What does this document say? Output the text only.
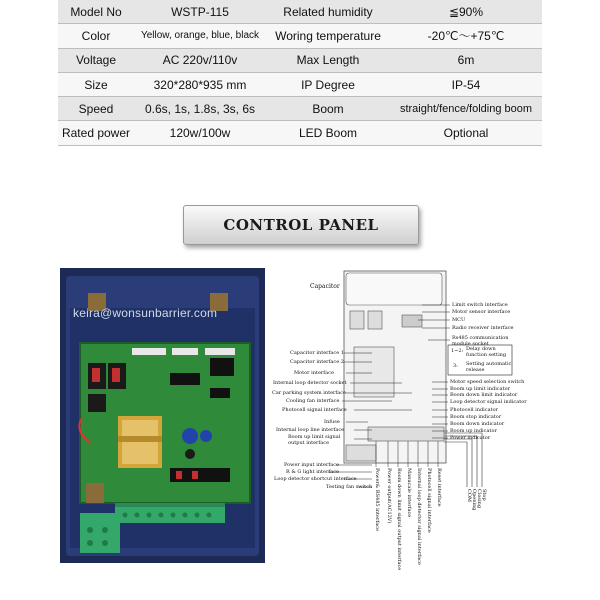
Model No	WSTP-115	Related humidity	≦90%
Color	Yellow, orange, blue, black	Woring temperature	-20℃～+75℃
Voltage	AC 220v/110v	Max Length	6m
Size	320*280*935 mm	IP Degree	IP-54
Speed	0.6s, 1s, 1.8s, 3s, 6s	Boom	straight/fence/folding boom
Rated power	120w/100w	LED Boom	Optional
CONTROL PANEL
keira@wonsunbarrier.com
Capacitor
Limit switch interface
Motor sensor interface
MCU
Radio receiver interface
Rs485 communication
module socket
Motor speed selection switch
Boom up limit indicator
Boom down limit indicator
Loop detector signal indicator
Photocell indicator
Boom stop indicator
Boom down indicator
Boom up indicator
Power indicator
1~2: Delay down
function setting
3: Setting automatic
release
Capacitor interface 1
Capacitor interface 2
Motor interface
Internal loop detector socket
Car parking system interface
Cooling fan interface
Photocell signal interface
Infuse
Internal loop line interface
Boom up limit signal
output interface
Power input interface
R & G light interface
Loop detector shortcut interface
Testing fan switch Power& RS485 interface Power output(AC12V) Boom down limit signal output interface Manucale interface Internal loop detector signal interface Photocell signal interface Reset interface	Stop
Closing
Opening
COM
